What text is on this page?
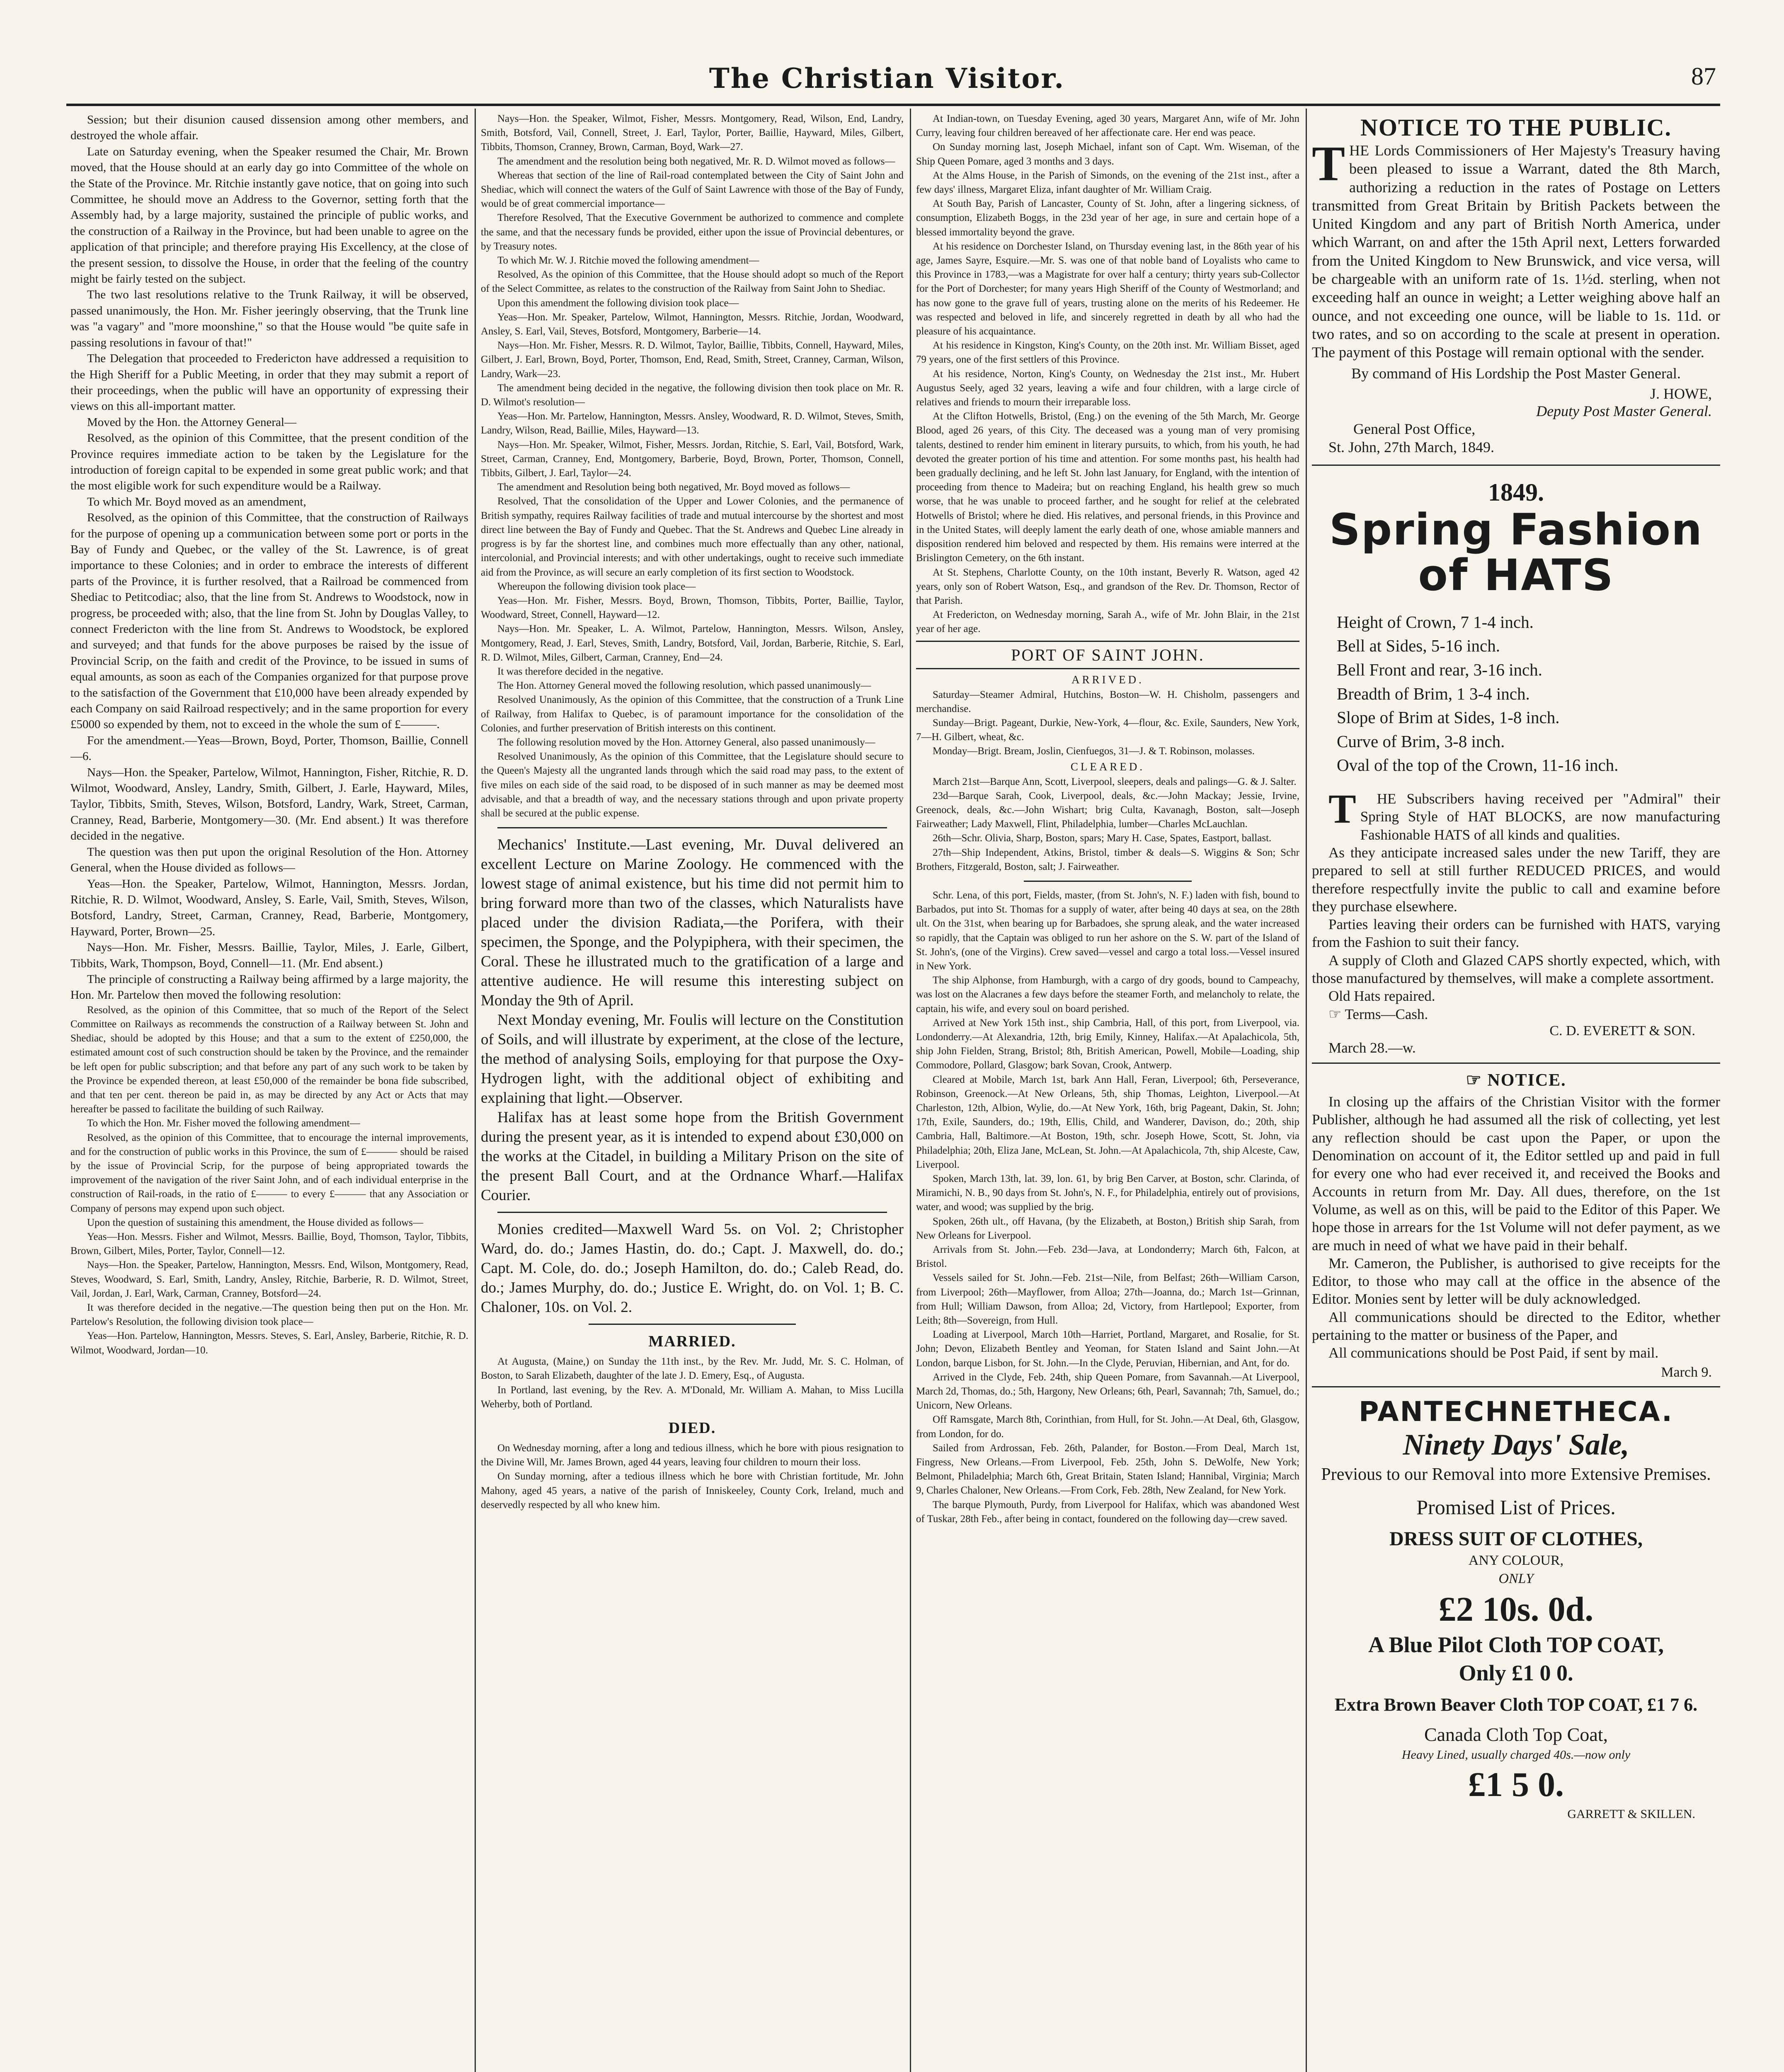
The Christian Visitor.	87

Session; but their disunion caused dissension among other members, and destroyed the whole affair.

Late on Saturday evening, when the Speaker resumed the Chair, Mr. Brown moved, that the House should at an early day go into Committee of the whole on the State of the Province. Mr. Ritchie instantly gave notice, that on going into such Committee, he should move an Address to the Governor, setting forth that the Assembly had, by a large majority, sustained the principle of public works, and the construction of a Railway in the Province, but had been unable to agree on the application of that principle; and therefore praying His Excellency, at the close of the present session, to dissolve the House, in order that the feeling of the country might be fairly tested on the subject.

The two last resolutions relative to the Trunk Railway, it will be observed, passed unanimously, the Hon. Mr. Fisher jeeringly observing, that the Trunk line was "a vagary" and "more moonshine," so that the House would "be quite safe in passing resolutions in favour of that!"

The Delegation that proceeded to Fredericton have addressed a requisition to the High Sheriff for a Public Meeting, in order that they may submit a report of their proceedings, when the public will have an opportunity of expressing their views on this all-important matter.

Moved by the Hon. the Attorney General—

Resolved, as the opinion of this Committee, that the present condition of the Province requires immediate action to be taken by the Legislature for the introduction of foreign capital to be expended in some great public work; and that the most eligible work for such expenditure would be a Railway.

To which Mr. Boyd moved as an amendment,

Resolved, as the opinion of this Committee, that the construction of Railways for the purpose of opening up a communication between some port or ports in the Bay of Fundy and Quebec, or the valley of the St. Lawrence, is of great importance to these Colonies; and in order to embrace the interests of different parts of the Province, it is further resolved, that a Railroad be commenced from Shediac to Petitcodiac; also, that the line from St. Andrews to Woodstock, now in progress, be proceeded with; also, that the line from St. John by Douglas Valley, to connect Fredericton with the line from St. Andrews to Woodstock, be explored and surveyed; and that funds for the above purposes be raised by the issue of Provincial Scrip, on the faith and credit of the Province, to be issued in sums of equal amounts, as soon as each of the Companies organized for that purpose prove to the satisfaction of the Government that £10,000 have been already expended by each Company on said Railroad respectively; and in the same proportion for every £5000 so expended by them, not to exceed in the whole the sum of £———.

For the amendment.—Yeas—Brown, Boyd, Porter, Thomson, Baillie, Connell—6.

Nays—Hon. the Speaker, Partelow, Wilmot, Hannington, Fisher, Ritchie, R. D. Wilmot, Woodward, Ansley, Landry, Smith, Gilbert, J. Earle, Hayward, Miles, Taylor, Tibbits, Smith, Steves, Wilson, Botsford, Landry, Wark, Street, Carman, Cranney, Read, Barberie, Montgomery—30. (Mr. End absent.) It was therefore decided in the negative.

The question was then put upon the original Resolution of the Hon. Attorney General, when the House divided as follows—

Yeas—Hon. the Speaker, Partelow, Wilmot, Hannington, Messrs. Jordan, Ritchie, R. D. Wilmot, Woodward, Ansley, S. Earle, Vail, Smith, Steves, Wilson, Botsford, Landry, Street, Carman, Cranney, Read, Barberie, Montgomery, Hayward, Porter, Brown—25.

Nays—Hon. Mr. Fisher, Messrs. Baillie, Taylor, Miles, J. Earle, Gilbert, Tibbits, Wark, Thompson, Boyd, Connell—11. (Mr. End absent.)

The principle of constructing a Railway being affirmed by a large majority, the Hon. Mr. Partelow then moved the following resolution:

Resolved, as the opinion of this Committee, that so much of the Report of the Select Committee on Railways as recommends the construction of a Railway between St. John and Shediac, should be adopted by this House; and that a sum to the extent of £250,000, the estimated amount cost of such construction should be taken by the Province, and the remainder be left open for public subscription; and that before any part of any such work to be taken by the Province be expended thereon, at least £50,000 of the remainder be bona fide subscribed, and that ten per cent. thereon be paid in, as may be directed by any Act or Acts that may hereafter be passed to facilitate the building of such Railway.

To which the Hon. Mr. Fisher moved the following amendment—

Resolved, as the opinion of this Committee, that to encourage the internal improvements, and for the construction of public works in this Province, the sum of £——— should be raised by the issue of Provincial Scrip, for the purpose of being appropriated towards the improvement of the navigation of the river Saint John, and of each individual enterprise in the construction of Rail-roads, in the ratio of £——— to every £——— that any Association or Company of persons may expend upon such object.

Upon the question of sustaining this amendment, the House divided as follows—

Yeas—Hon. Messrs. Fisher and Wilmot, Messrs. Baillie, Boyd, Thomson, Taylor, Tibbits, Brown, Gilbert, Miles, Porter, Taylor, Connell—12.

Nays—Hon. the Speaker, Partelow, Hannington, Messrs. End, Wilson, Montgomery, Read, Steves, Woodward, S. Earl, Smith, Landry, Ansley, Ritchie, Barberie, R. D. Wilmot, Street, Vail, Jordan, J. Earl, Wark, Carman, Cranney, Botsford—24.

It was therefore decided in the negative.—The question being then put on the Hon. Mr. Partelow's Resolution, the following division took place—

Yeas—Hon. Partelow, Hannington, Messrs. Steves, S. Earl, Ansley, Barberie, Ritchie, R. D. Wilmot, Woodward, Jordan—10.

Nays—Hon. the Speaker, Wilmot, Fisher, Messrs. Montgomery, Read, Wilson, End, Landry, Smith, Botsford, Vail, Connell, Street, J. Earl, Taylor, Porter, Baillie, Hayward, Miles, Gilbert, Tibbits, Thomson, Cranney, Brown, Carman, Boyd, Wark—27.

The amendment and the resolution being both negatived, Mr. R. D. Wilmot moved as follows—

Whereas that section of the line of Rail-road contemplated between the City of Saint John and Shediac, which will connect the waters of the Gulf of Saint Lawrence with those of the Bay of Fundy, would be of great commercial importance—

Therefore Resolved, That the Executive Government be authorized to commence and complete the same, and that the necessary funds be provided, either upon the issue of Provincial debentures, or by Treasury notes.

To which Mr. W. J. Ritchie moved the following amendment—

Resolved, As the opinion of this Committee, that the House should adopt so much of the Report of the Select Committee, as relates to the construction of the Railway from Saint John to Shediac.

Upon this amendment the following division took place—

Yeas—Hon. Mr. Speaker, Partelow, Wilmot, Hannington, Messrs. Ritchie, Jordan, Woodward, Ansley, S. Earl, Vail, Steves, Botsford, Montgomery, Barberie—14.

Nays—Hon. Mr. Fisher, Messrs. R. D. Wilmot, Taylor, Baillie, Tibbits, Connell, Hayward, Miles, Gilbert, J. Earl, Brown, Boyd, Porter, Thomson, End, Read, Smith, Street, Cranney, Carman, Wilson, Landry, Wark—23.

The amendment being decided in the negative, the following division then took place on Mr. R. D. Wilmot's resolution—

Yeas—Hon. Mr. Partelow, Hannington, Messrs. Ansley, Woodward, R. D. Wilmot, Steves, Smith, Landry, Wilson, Read, Baillie, Miles, Hayward—13.

Nays—Hon. Mr. Speaker, Wilmot, Fisher, Messrs. Jordan, Ritchie, S. Earl, Vail, Botsford, Wark, Street, Carman, Cranney, End, Montgomery, Barberie, Boyd, Brown, Porter, Thomson, Connell, Tibbits, Gilbert, J. Earl, Taylor—24.

The amendment and Resolution being both negatived, Mr. Boyd moved as follows—

Resolved, That the consolidation of the Upper and Lower Colonies, and the permanence of British sympathy, requires Railway facilities of trade and mutual intercourse by the shortest and most direct line between the Bay of Fundy and Quebec. That the St. Andrews and Quebec Line already in progress is by far the shortest line, and combines much more effectually than any other, national, intercolonial, and Provincial interests; and with other undertakings, ought to receive such immediate aid from the Province, as will secure an early completion of its first section to Woodstock.

Whereupon the following division took place—

Yeas—Hon. Mr. Fisher, Messrs. Boyd, Brown, Thomson, Tibbits, Porter, Baillie, Taylor, Woodward, Street, Connell, Hayward—12.

Nays—Hon. Mr. Speaker, L. A. Wilmot, Partelow, Hannington, Messrs. Wilson, Ansley, Montgomery, Read, J. Earl, Steves, Smith, Landry, Botsford, Vail, Jordan, Barberie, Ritchie, S. Earl, R. D. Wilmot, Miles, Gilbert, Carman, Cranney, End—24.

It was therefore decided in the negative.

The Hon. Attorney General moved the following resolution, which passed unanimously—

Resolved Unanimously, As the opinion of this Committee, that the construction of a Trunk Line of Railway, from Halifax to Quebec, is of paramount importance for the consolidation of the Colonies, and further preservation of British interests on this continent.

The following resolution moved by the Hon. Attorney General, also passed unanimously—

Resolved Unanimously, As the opinion of this Committee, that the Legislature should secure to the Queen's Majesty all the ungranted lands through which the said road may pass, to the extent of five miles on each side of the said road, to be disposed of in such manner as may be deemed most advisable, and that a breadth of way, and the necessary stations through and upon private property shall be secured at the public expense.

Mechanics' Institute.—Last evening, Mr. Duval delivered an excellent Lecture on Marine Zoology. He commenced with the lowest stage of animal existence, but his time did not permit him to bring forward more than two of the classes, which Naturalists have placed under the division Radiata,—the Porifera, with their specimen, the Sponge, and the Polypiphera, with their specimen, the Coral. These he illustrated much to the gratification of a large and attentive audience. He will resume this interesting subject on Monday the 9th of April.

Next Monday evening, Mr. Foulis will lecture on the Constitution of Soils, and will illustrate by experiment, at the close of the lecture, the method of analysing Soils, employing for that purpose the Oxy-Hydrogen light, with the additional object of exhibiting and explaining that light.—Observer.

Halifax has at least some hope from the British Government during the present year, as it is intended to expend about £30,000 on the works at the Citadel, in building a Military Prison on the site of the present Ball Court, and at the Ordnance Wharf.—Halifax Courier.

Monies credited—Maxwell Ward 5s. on Vol. 2; Christopher Ward, do. do.; James Hastin, do. do.; Capt. J. Maxwell, do. do.; Capt. M. Cole, do. do.; Joseph Hamilton, do. do.; Caleb Read, do. do.; James Murphy, do. do.; Justice E. Wright, do. on Vol. 1; B. C. Chaloner, 10s. on Vol. 2.

MARRIED.

At Augusta, (Maine,) on Sunday the 11th inst., by the Rev. Mr. Judd, Mr. S. C. Holman, of Boston, to Sarah Elizabeth, daughter of the late J. D. Emery, Esq., of Augusta.

In Portland, last evening, by the Rev. A. M'Donald, Mr. William A. Mahan, to Miss Lucilla Weherby, both of Portland.

DIED.

On Wednesday morning, after a long and tedious illness, which he bore with pious resignation to the Divine Will, Mr. James Brown, aged 44 years, leaving four children to mourn their loss.

On Sunday morning, after a tedious illness which he bore with Christian fortitude, Mr. John Mahony, aged 45 years, a native of the parish of Inniskeeley, County Cork, Ireland, much and deservedly respected by all who knew him.

At Indian-town, on Tuesday Evening, aged 30 years, Margaret Ann, wife of Mr. John Curry, leaving four children bereaved of her affectionate care. Her end was peace.

On Sunday morning last, Joseph Michael, infant son of Capt. Wm. Wiseman, of the Ship Queen Pomare, aged 3 months and 3 days.

At the Alms House, in the Parish of Simonds, on the evening of the 21st inst., after a few days' illness, Margaret Eliza, infant daughter of Mr. William Craig.

At South Bay, Parish of Lancaster, County of St. John, after a lingering sickness, of consumption, Elizabeth Boggs, in the 23d year of her age, in sure and certain hope of a blessed immortality beyond the grave.

At his residence on Dorchester Island, on Thursday evening last, in the 86th year of his age, James Sayre, Esquire.—Mr. S. was one of that noble band of Loyalists who came to this Province in 1783,—was a Magistrate for over half a century; thirty years sub-Collector for the Port of Dorchester; for many years High Sheriff of the County of Westmorland; and has now gone to the grave full of years, trusting alone on the merits of his Redeemer. He was respected and beloved in life, and sincerely regretted in death by all who had the pleasure of his acquaintance.

At his residence in Kingston, King's County, on the 20th inst. Mr. William Bisset, aged 79 years, one of the first settlers of this Province.

At his residence, Norton, King's County, on Wednesday the 21st inst., Mr. Hubert Augustus Seely, aged 32 years, leaving a wife and four children, with a large circle of relatives and friends to mourn their irreparable loss.

At the Clifton Hotwells, Bristol, (Eng.) on the evening of the 5th March, Mr. George Blood, aged 26 years, of this City. The deceased was a young man of very promising talents, destined to render him eminent in literary pursuits, to which, from his youth, he had devoted the greater portion of his time and attention. For some months past, his health had been gradually declining, and he left St. John last January, for England, with the intention of proceeding from thence to Madeira; but on reaching England, his health grew so much worse, that he was unable to proceed farther, and he sought for relief at the celebrated Hotwells of Bristol; where he died. His relatives, and personal friends, in this Province and in the United States, will deeply lament the early death of one, whose amiable manners and disposition rendered him beloved and respected by them. His remains were interred at the Brislington Cemetery, on the 6th instant.

At St. Stephens, Charlotte County, on the 10th instant, Beverly R. Watson, aged 42 years, only son of Robert Watson, Esq., and grandson of the Rev. Dr. Thomson, Rector of that Parish.

At Fredericton, on Wednesday morning, Sarah A., wife of Mr. John Blair, in the 21st year of her age.

PORT OF SAINT JOHN.
ARRIVED.

Saturday—Steamer Admiral, Hutchins, Boston—W. H. Chisholm, passengers and merchandise.

Sunday—Brigt. Pageant, Durkie, New-York, 4—flour, &c. Exile, Saunders, New York, 7—H. Gilbert, wheat, &c.

Monday—Brigt. Bream, Joslin, Cienfuegos, 31—J. & T. Robinson, molasses.

CLEARED.

March 21st—Barque Ann, Scott, Liverpool, sleepers, deals and palings—G. & J. Salter.

23d—Barque Sarah, Cook, Liverpool, deals, &c.—John Mackay; Jessie, Irvine, Greenock, deals, &c.—John Wishart; brig Culta, Kavanagh, Boston, salt—Joseph Fairweather; Lady Maxwell, Flint, Philadelphia, lumber—Charles McLauchlan.

26th—Schr. Olivia, Sharp, Boston, spars; Mary H. Case, Spates, Eastport, ballast.

27th—Ship Independent, Atkins, Bristol, timber & deals—S. Wiggins & Son; Schr Brothers, Fitzgerald, Boston, salt; J. Fairweather.

Schr. Lena, of this port, Fields, master, (from St. John's, N. F.) laden with fish, bound to Barbados, put into St. Thomas for a supply of water, after being 40 days at sea, on the 28th ult. On the 31st, when bearing up for Barbadoes, she sprung aleak, and the water increased so rapidly, that the Captain was obliged to run her ashore on the S. W. part of the Island of St. John's, (one of the Virgins). Crew saved—vessel and cargo a total loss.—Vessel insured in New York.

The ship Alphonse, from Hamburgh, with a cargo of dry goods, bound to Campeachy, was lost on the Alacranes a few days before the steamer Forth, and melancholy to relate, the captain, his wife, and every soul on board perished.

Arrived at New York 15th inst., ship Cambria, Hall, of this port, from Liverpool, via. Londonderry.—At Alexandria, 12th, brig Emily, Kinney, Halifax.—At Apalachicola, 5th, ship John Fielden, Strang, Bristol; 8th, British American, Powell, Mobile—Loading, ship Commodore, Pollard, Glasgow; bark Sovan, Crook, Antwerp.

Cleared at Mobile, March 1st, bark Ann Hall, Feran, Liverpool; 6th, Perseverance, Robinson, Greenock.—At New Orleans, 5th, ship Thomas, Leighton, Liverpool.—At Charleston, 12th, Albion, Wylie, do.—At New York, 16th, brig Pageant, Dakin, St. John; 17th, Exile, Saunders, do.; 19th, Ellis, Child, and Wanderer, Davison, do.; 20th, ship Cambria, Hall, Baltimore.—At Boston, 19th, schr. Joseph Howe, Scott, St. John, via Philadelphia; 20th, Eliza Jane, McLean, St. John.—At Apalachicola, 7th, ship Alceste, Caw, Liverpool.

Spoken, March 13th, lat. 39, lon. 61, by brig Ben Carver, at Boston, schr. Clarinda, of Miramichi, N. B., 90 days from St. John's, N. F., for Philadelphia, entirely out of provisions, water, and wood; was supplied by the brig.

Spoken, 26th ult., off Havana, (by the Elizabeth, at Boston,) British ship Sarah, from New Orleans for Liverpool.

Arrivals from St. John.—Feb. 23d—Java, at Londonderry; March 6th, Falcon, at Bristol.

Vessels sailed for St. John.—Feb. 21st—Nile, from Belfast; 26th—William Carson, from Liverpool; 26th—Mayflower, from Alloa; 27th—Joanna, do.; March 1st—Grinnan, from Hull; William Dawson, from Alloa; 2d, Victory, from Hartlepool; Exporter, from Leith; 8th—Sovereign, from Hull.

Loading at Liverpool, March 10th—Harriet, Portland, Margaret, and Rosalie, for St. John; Devon, Elizabeth Bentley and Yeoman, for Staten Island and Saint John.—At London, barque Lisbon, for St. John.—In the Clyde, Peruvian, Hibernian, and Ant, for do.

Arrived in the Clyde, Feb. 24th, ship Queen Pomare, from Savannah.—At Liverpool, March 2d, Thomas, do.; 5th, Hargony, New Orleans; 6th, Pearl, Savannah; 7th, Samuel, do.; Unicorn, New Orleans.

Off Ramsgate, March 8th, Corinthian, from Hull, for St. John.—At Deal, 6th, Glasgow, from London, for do.

Sailed from Ardrossan, Feb. 26th, Palander, for Boston.—From Deal, March 1st, Fingress, New Orleans.—From Liverpool, Feb. 25th, John S. DeWolfe, New York; Belmont, Philadelphia; March 6th, Great Britain, Staten Island; Hannibal, Virginia; March 9, Charles Chaloner, New Orleans.—From Cork, Feb. 28th, New Zealand, for New York.

The barque Plymouth, Purdy, from Liverpool for Halifax, which was abandoned West of Tuskar, 28th Feb., after being in contact, foundered on the following day—crew saved.

NOTICE TO THE PUBLIC.

THE Lords Commissioners of Her Majesty's Treasury having been pleased to issue a Warrant, dated the 8th March, authorizing a reduction in the rates of Postage on Letters transmitted from Great Britain by British Packets between the United Kingdom and any part of British North America, under which Warrant, on and after the 15th April next, Letters forwarded from the United Kingdom to New Brunswick, and vice versa, will be chargeable with an uniform rate of 1s. 1½d. sterling, when not exceeding half an ounce in weight; a Letter weighing above half an ounce, and not exceeding one ounce, will be liable to 1s. 11d. or two rates, and so on according to the scale at present in operation. The payment of this Postage will remain optional with the sender.

By command of His Lordship the Post Master General.

J. HOWE,
Deputy Post Master General.
General Post Office,
St. John, 27th March, 1849.
1849.
Spring Fashion of HATS
Height of Crown, 7 1-4 inch.
Bell at Sides, 5-16 inch.
Bell Front and rear, 3-16 inch.
Breadth of Brim, 1 3-4 inch.
Slope of Brim at Sides, 1-8 inch.
Curve of Brim, 3-8 inch.
Oval of the top of the Crown, 11-16 inch.

T HE Subscribers having received per "Admiral" their Spring Style of HAT BLOCKS, are now manufacturing Fashionable HATS of all kinds and qualities.

As they anticipate increased sales under the new Tariff, they are prepared to sell at still further REDUCED PRICES, and would therefore respectfully invite the public to call and examine before they purchase elsewhere.

Parties leaving their orders can be furnished with HATS, varying from the Fashion to suit their fancy.

A supply of Cloth and Glazed CAPS shortly expected, which, with those manufactured by themselves, will make a complete assortment.

Old Hats repaired.

☞ Terms—Cash.

C. D. EVERETT & SON.

March 28.—w.

☞ NOTICE.

In closing up the affairs of the Christian Visitor with the former Publisher, although he had assumed all the risk of collecting, yet lest any reflection should be cast upon the Paper, or upon the Denomination on account of it, the Editor settled up and paid in full for every one who had ever received it, and received the Books and Accounts in return from Mr. Day. All dues, therefore, on the 1st Volume, as well as on this, will be paid to the Editor of this Paper. We hope those in arrears for the 1st Volume will not defer payment, as we are much in need of what we have paid in their behalf.

Mr. Cameron, the Publisher, is authorised to give receipts for the Editor, to those who may call at the office in the absence of the Editor. Monies sent by letter will be duly acknowledged.

All communications should be directed to the Editor, whether pertaining to the matter or business of the Paper, and

All communications should be Post Paid, if sent by mail.

March 9.
PANTECHNETHECA.
Ninety Days' Sale,
Previous to our Removal into more Extensive Premises.
Promised List of Prices.
DRESS SUIT OF CLOTHES,
ANY COLOUR,
ONLY
£2 10s. 0d.
A Blue Pilot Cloth TOP COAT,
Only £1 0 0.
Extra Brown Beaver Cloth TOP COAT, £1 7 6.
Canada Cloth Top Coat,
Heavy Lined, usually charged 40s.—now only
£1 5 0.
GARRETT & SKILLEN.
